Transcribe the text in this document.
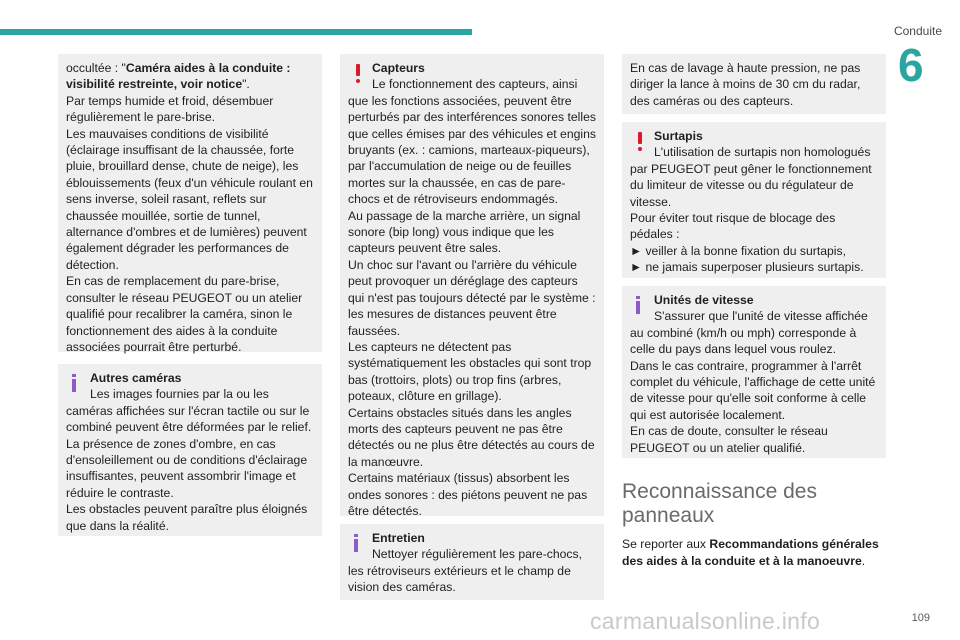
Conduite
6

occultée : "Caméra aides à la conduite : visibilité restreinte, voir notice".

Par temps humide et froid, désembuer régulièrement le pare-brise.

Les mauvaises conditions de visibilité (éclairage insuffisant de la chaussée, forte pluie, brouillard dense, chute de neige), les éblouissements (feux d'un véhicule roulant en sens inverse, soleil rasant, reflets sur chaussée mouillée, sortie de tunnel, alternance d'ombres et de lumières) peuvent également dégrader les performances de détection.

En cas de remplacement du pare-brise, consulter le réseau PEUGEOT ou un atelier qualifié pour recalibrer la caméra, sinon le fonctionnement des aides à la conduite associées pourrait être perturbé.

Autres caméras

Les images fournies par la ou les caméras affichées sur l'écran tactile ou sur le combiné peuvent être déformées par le relief.

La présence de zones d'ombre, en cas d'ensoleillement ou de conditions d'éclairage insuffisantes, peuvent assombrir l'image et réduire le contraste.

Les obstacles peuvent paraître plus éloignés que dans la réalité.

Capteurs

Le fonctionnement des capteurs, ainsi que les fonctions associées, peuvent être perturbés par des interférences sonores telles que celles émises par des véhicules et engins bruyants (ex. : camions, marteaux-piqueurs), par l'accumulation de neige ou de feuilles mortes sur la chaussée, en cas de pare-chocs et de rétroviseurs endommagés.

Au passage de la marche arrière, un signal sonore (bip long) vous indique que les capteurs peuvent être sales.

Un choc sur l'avant ou l'arrière du véhicule peut provoquer un déréglage des capteurs qui n'est pas toujours détecté par le système : les mesures de distances peuvent être faussées.

Les capteurs ne détectent pas systématiquement les obstacles qui sont trop bas (trottoirs, plots) ou trop fins (arbres, poteaux, clôture en grillage).

Certains obstacles situés dans les angles morts des capteurs peuvent ne pas être détectés ou ne plus être détectés au cours de la manœuvre.

Certains matériaux (tissus) absorbent les ondes sonores : des piétons peuvent ne pas être détectés.

Entretien

Nettoyer régulièrement les pare-chocs, les rétroviseurs extérieurs et le champ de vision des caméras.

En cas de lavage à haute pression, ne pas diriger la lance à moins de 30 cm du radar, des caméras ou des capteurs.

Surtapis

L'utilisation de surtapis non homologués par PEUGEOT peut gêner le fonctionnement du limiteur de vitesse ou du régulateur de vitesse.

Pour éviter tout risque de blocage des pédales :

► veiller à la bonne fixation du surtapis,

► ne jamais superposer plusieurs surtapis.

Unités de vitesse

S'assurer que l'unité de vitesse affichée au combiné (km/h ou mph) corresponde à celle du pays dans lequel vous roulez.

Dans le cas contraire, programmer à l'arrêt complet du véhicule, l'affichage de cette unité de vitesse pour qu'elle soit conforme à celle qui est autorisée localement.

En cas de doute, consulter le réseau PEUGEOT ou un atelier qualifié.

Reconnaissance des panneaux
Se reporter aux Recommandations générales des aides à la conduite et à la manoeuvre.
carmanualsonline.info	109
